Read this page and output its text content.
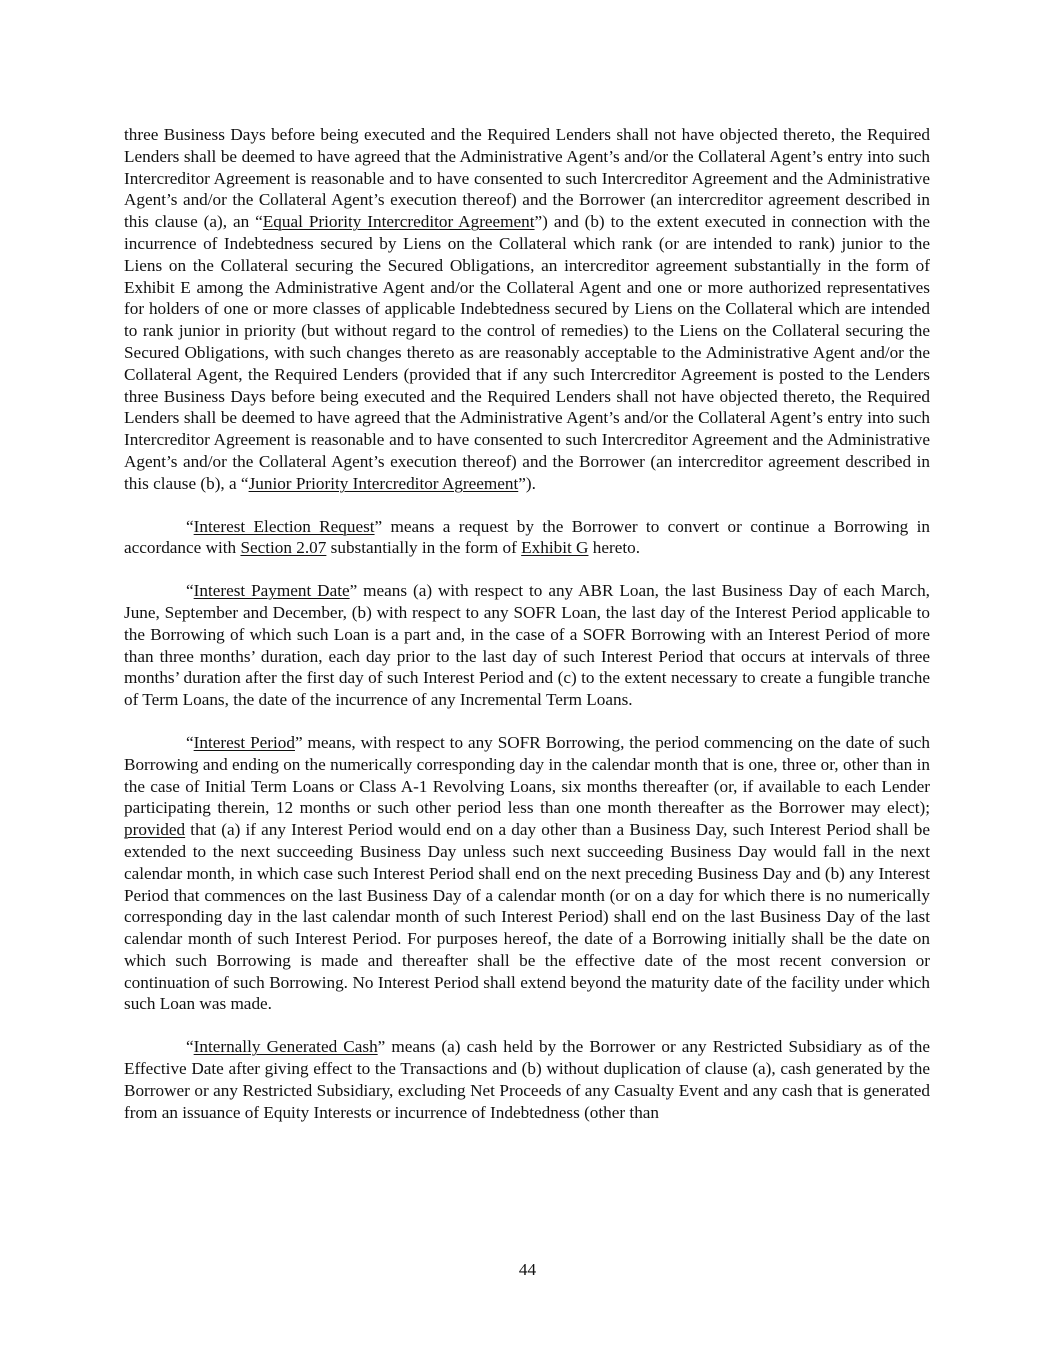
three Business Days before being executed and the Required Lenders shall not have objected thereto, the Required Lenders shall be deemed to have agreed that the Administrative Agent’s and/or the Collateral Agent’s entry into such Intercreditor Agreement is reasonable and to have consented to such Intercreditor Agreement and the Administrative Agent’s and/or the Collateral Agent’s execution thereof) and the Borrower (an intercreditor agreement described in this clause (a), an “Equal Priority Intercreditor Agreement”) and (b) to the extent executed in connection with the incurrence of Indebtedness secured by Liens on the Collateral which rank (or are intended to rank) junior to the Liens on the Collateral securing the Secured Obligations, an intercreditor agreement substantially in the form of Exhibit E among the Administrative Agent and/or the Collateral Agent and one or more authorized representatives for holders of one or more classes of applicable Indebtedness secured by Liens on the Collateral which are intended to rank junior in priority (but without regard to the control of remedies) to the Liens on the Collateral securing the Secured Obligations, with such changes thereto as are reasonably acceptable to the Administrative Agent and/or the Collateral Agent, the Required Lenders (provided that if any such Intercreditor Agreement is posted to the Lenders three Business Days before being executed and the Required Lenders shall not have objected thereto, the Required Lenders shall be deemed to have agreed that the Administrative Agent’s and/or the Collateral Agent’s entry into such Intercreditor Agreement is reasonable and to have consented to such Intercreditor Agreement and the Administrative Agent’s and/or the Collateral Agent’s execution thereof) and the Borrower (an intercreditor agreement described in this clause (b), a “Junior Priority Intercreditor Agreement”).

“Interest Election Request” means a request by the Borrower to convert or continue a Borrowing in accordance with Section 2.07 substantially in the form of Exhibit G hereto.

“Interest Payment Date” means (a) with respect to any ABR Loan, the last Business Day of each March, June, September and December, (b) with respect to any SOFR Loan, the last day of the Interest Period applicable to the Borrowing of which such Loan is a part and, in the case of a SOFR Borrowing with an Interest Period of more than three months’ duration, each day prior to the last day of such Interest Period that occurs at intervals of three months’ duration after the first day of such Interest Period and (c) to the extent necessary to create a fungible tranche of Term Loans, the date of the incurrence of any Incremental Term Loans.

“Interest Period” means, with respect to any SOFR Borrowing, the period commencing on the date of such Borrowing and ending on the numerically corresponding day in the calendar month that is one, three or, other than in the case of Initial Term Loans or Class A-1 Revolving Loans, six months thereafter (or, if available to each Lender participating therein, 12 months or such other period less than one month thereafter as the Borrower may elect); provided that (a) if any Interest Period would end on a day other than a Business Day, such Interest Period shall be extended to the next succeeding Business Day unless such next succeeding Business Day would fall in the next calendar month, in which case such Interest Period shall end on the next preceding Business Day and (b) any Interest Period that commences on the last Business Day of a calendar month (or on a day for which there is no numerically corresponding day in the last calendar month of such Interest Period) shall end on the last Business Day of the last calendar month of such Interest Period. For purposes hereof, the date of a Borrowing initially shall be the date on which such Borrowing is made and thereafter shall be the effective date of the most recent conversion or continuation of such Borrowing. No Interest Period shall extend beyond the maturity date of the facility under which such Loan was made.

“Internally Generated Cash” means (a) cash held by the Borrower or any Restricted Subsidiary as of the Effective Date after giving effect to the Transactions and (b) without duplication of clause (a), cash generated by the Borrower or any Restricted Subsidiary, excluding Net Proceeds of any Casualty Event and any cash that is generated from an issuance of Equity Interests or incurrence of Indebtedness (other than

44
